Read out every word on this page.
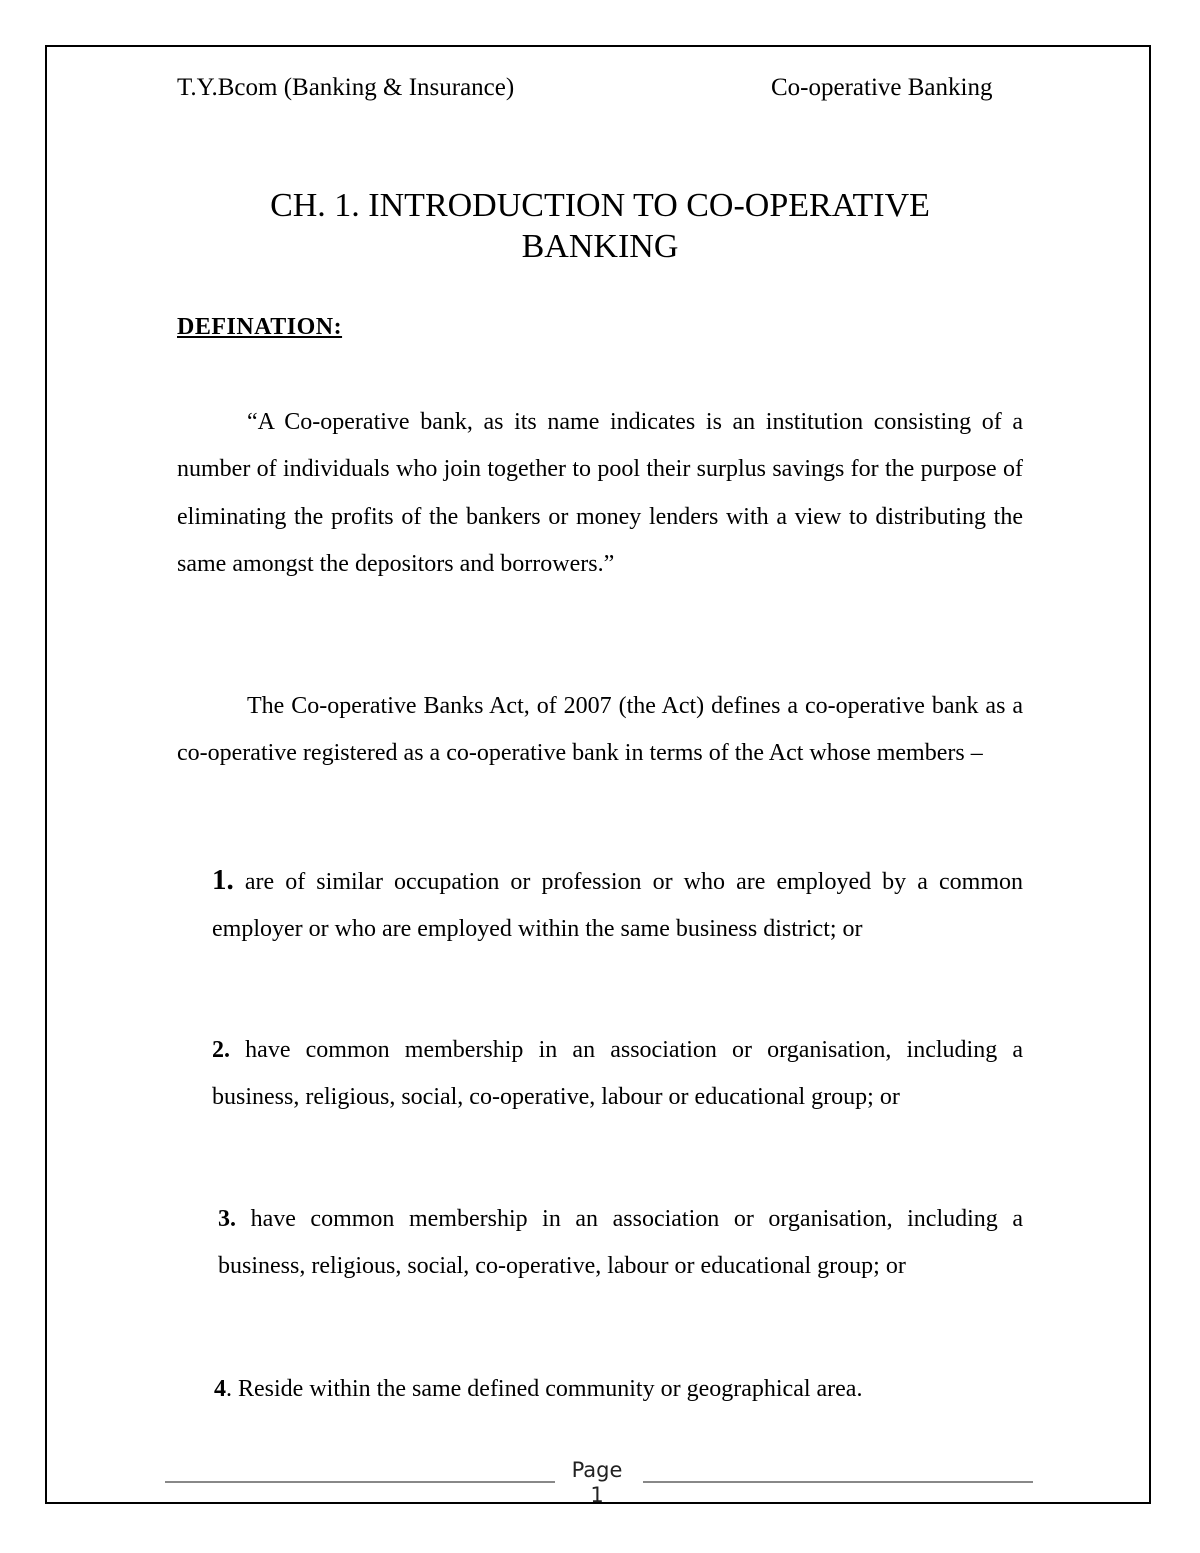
T.Y.Bcom (Banking & Insurance)	Co-operative Banking
CH. 1. INTRODUCTION TO CO-OPERATIVE
BANKING
DEFINATION:

“A Co-operative bank, as its name indicates is an institution consisting of a number of individuals who join together to pool their surplus savings for the purpose of eliminating the profits of the bankers or money lenders with a view to distributing the same amongst the depositors and borrowers.”

The Co-operative Banks Act, of 2007 (the Act) defines a co-operative bank as a co-operative registered as a co-operative bank in terms of the Act whose members –

1. are of similar occupation or profession or who are employed by a common employer or who are employed within the same business district; or

2. have common membership in an association or organisation, including a business, religious, social, co-operative, labour or educational group; or

3. have common membership in an association or organisation, including a business, religious, social, co-operative, labour or educational group; or

4. Reside within the same defined community or geographical area.

Page
1
